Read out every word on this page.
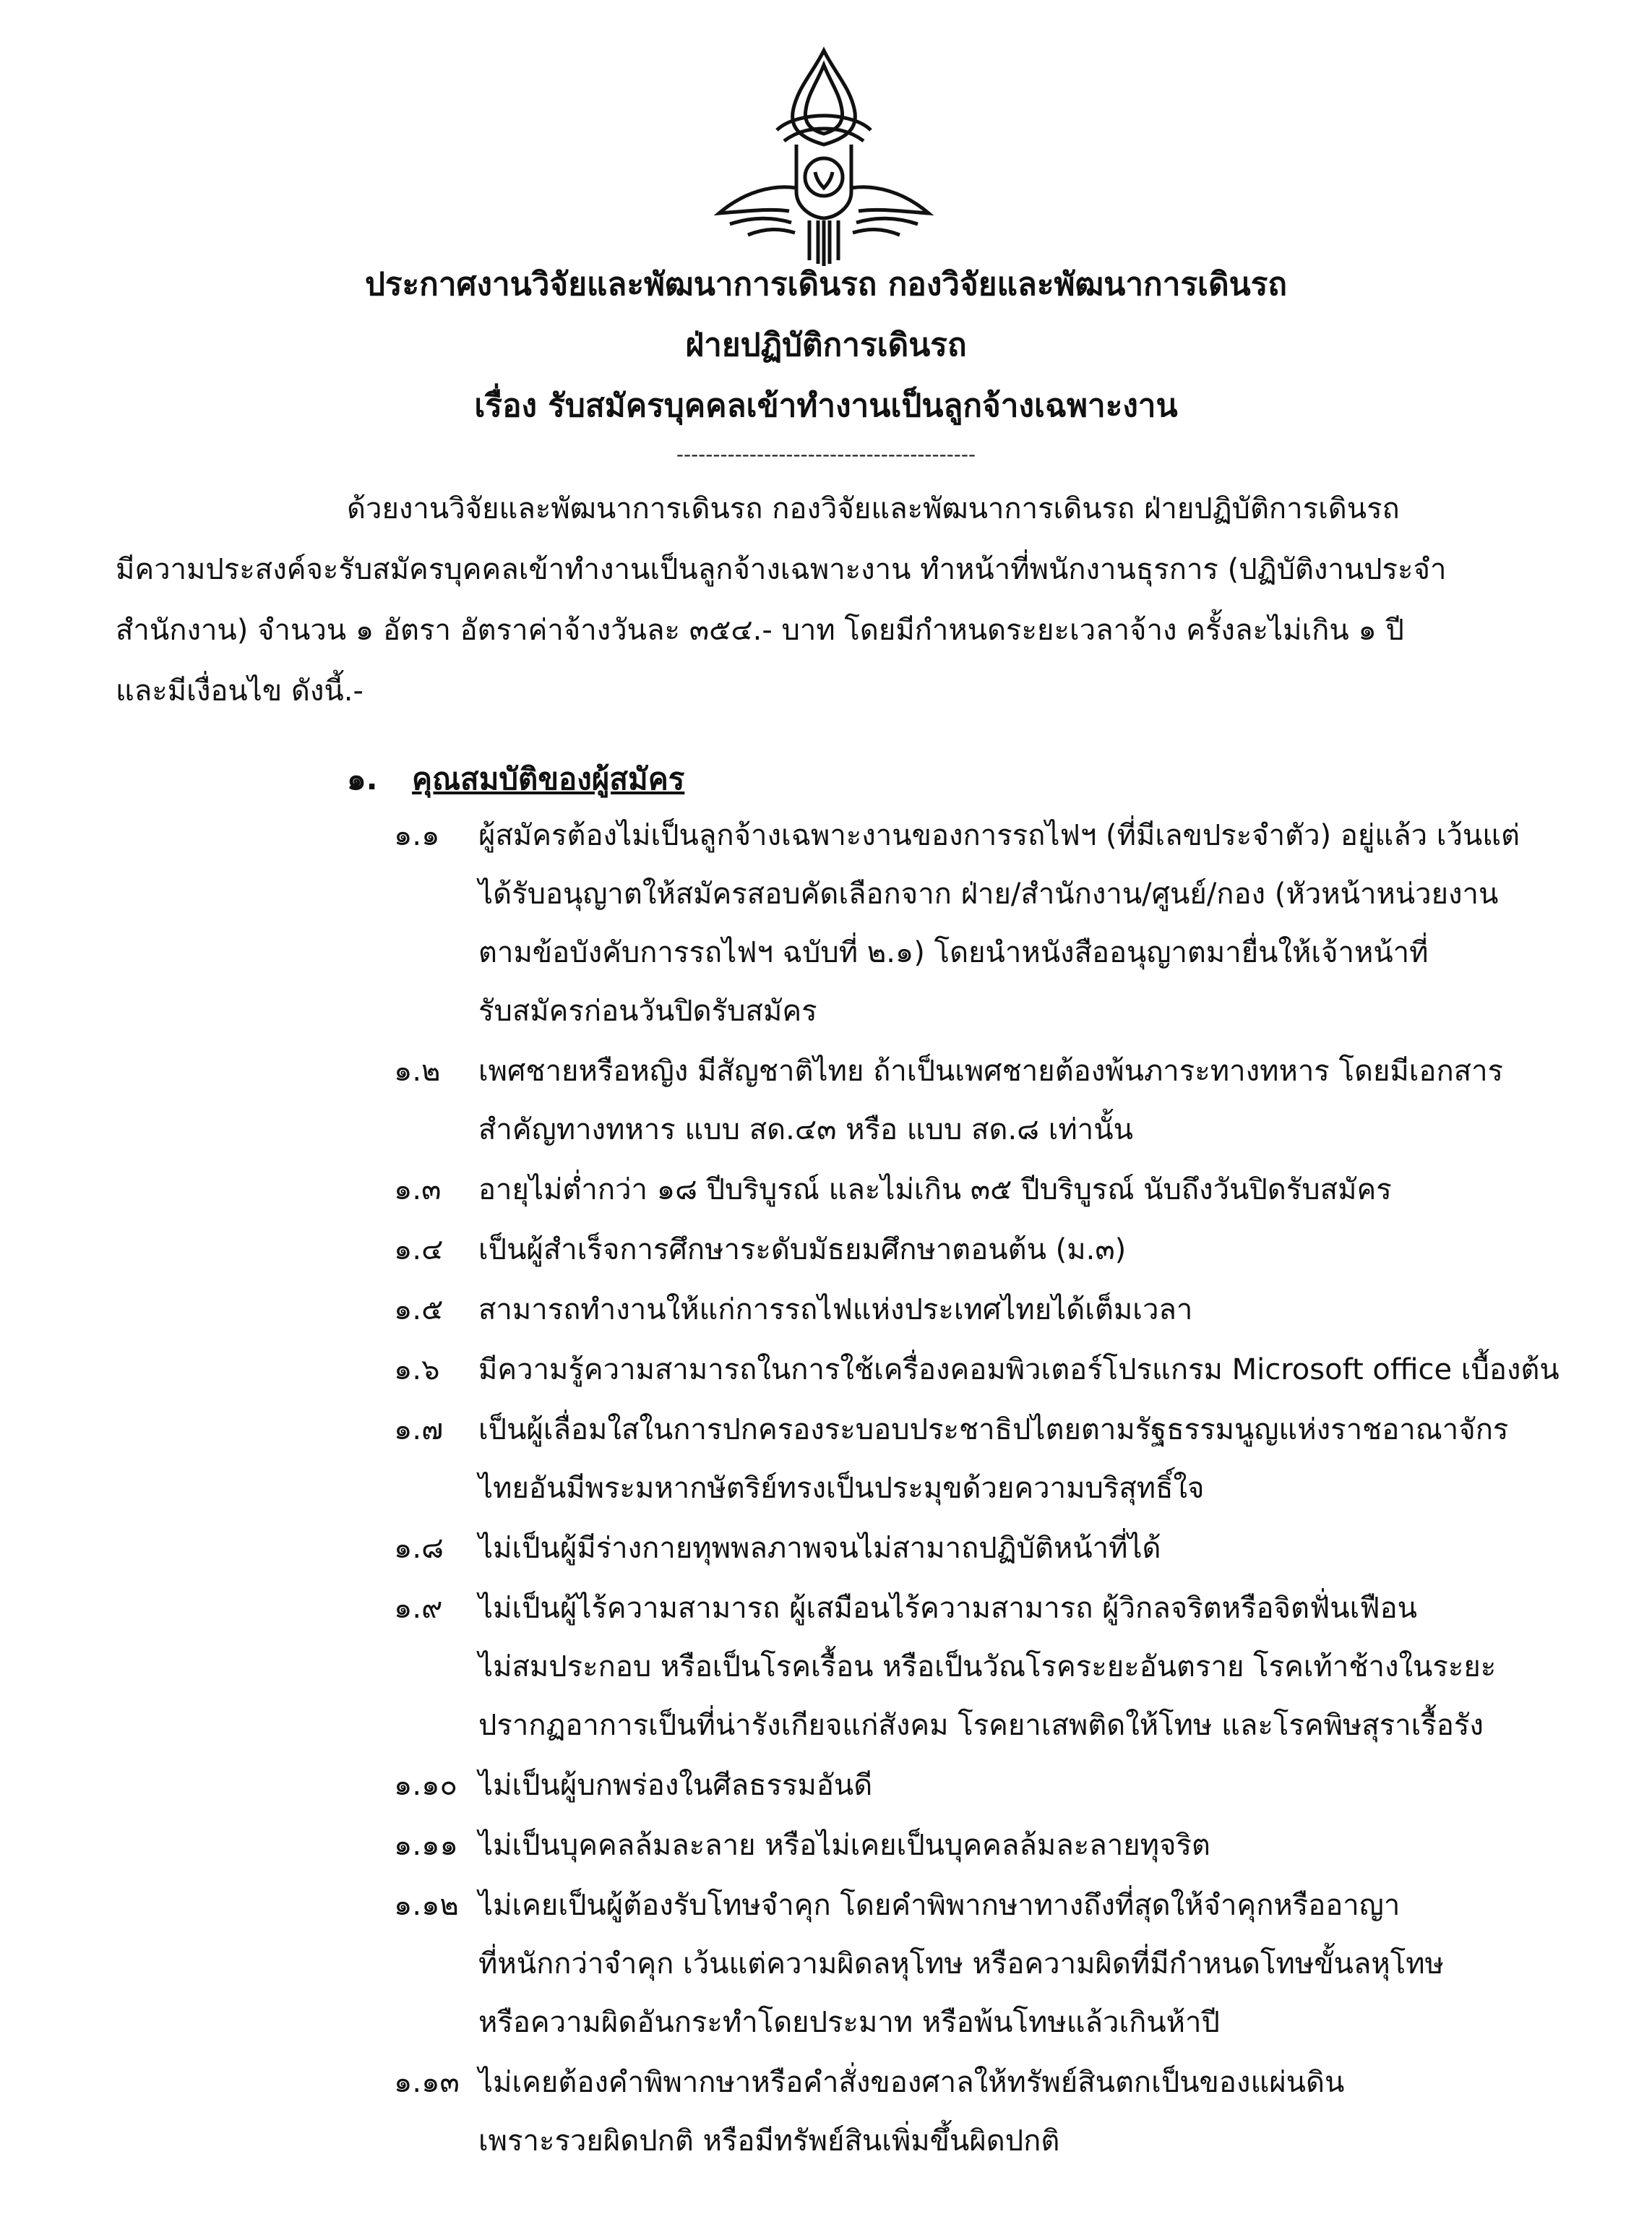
ประกาศงานวิจัยและพัฒนาการเดินรถ กองวิจัยและพัฒนาการเดินรถ
ฝ่ายปฏิบัติการเดินรถ
เรื่อง รับสมัครบุคคลเข้าทำงานเป็นลูกจ้างเฉพาะงาน
-----------------------------------------
ด้วยงานวิจัยและพัฒนาการเดินรถ กองวิจัยและพัฒนาการเดินรถ ฝ่ายปฏิบัติการเดินรถ
มีความประสงค์จะรับสมัครบุคคลเข้าทำงานเป็นลูกจ้างเฉพาะงาน ทำหน้าที่พนักงานธุรการ (ปฏิบัติงานประจำ
สำนักงาน) จำนวน ๑ อัตรา อัตราค่าจ้างวันละ ๓๕๔.- บาท โดยมีกำหนดระยะเวลาจ้าง ครั้งละไม่เกิน ๑ ปี
และมีเงื่อนไข ดังนี้.-
๑. คุณสมบัติของผู้สมัคร
๑.๑	ผู้สมัครต้องไม่เป็นลูกจ้างเฉพาะงานของการรถไฟฯ (ที่มีเลขประจำตัว) อยู่แล้ว เว้นแต่
ได้รับอนุญาตให้สมัครสอบคัดเลือกจาก ฝ่าย/สำนักงาน/ศูนย์/กอง (หัวหน้าหน่วยงาน
ตามข้อบังคับการรถไฟฯ ฉบับที่ ๒.๑) โดยนำหนังสืออนุญาตมายื่นให้เจ้าหน้าที่
รับสมัครก่อนวันปิดรับสมัคร
๑.๒	เพศชายหรือหญิง มีสัญชาติไทย ถ้าเป็นเพศชายต้องพ้นภาระทางทหาร โดยมีเอกสาร
สำคัญทางทหาร แบบ สด.๔๓ หรือ แบบ สด.๘ เท่านั้น
๑.๓	อายุไม่ต่ำกว่า ๑๘ ปีบริบูรณ์ และไม่เกิน ๓๕ ปีบริบูรณ์ นับถึงวันปิดรับสมัคร
๑.๔	เป็นผู้สำเร็จการศึกษาระดับมัธยมศึกษาตอนต้น (ม.๓)
๑.๕	สามารถทำงานให้แก่การรถไฟแห่งประเทศไทยได้เต็มเวลา
๑.๖	มีความรู้ความสามารถในการใช้เครื่องคอมพิวเตอร์โปรแกรม Microsoft office เบื้องต้น
๑.๗	เป็นผู้เลื่อมใสในการปกครองระบอบประชาธิปไตยตามรัฐธรรมนูญแห่งราชอาณาจักร
ไทยอันมีพระมหากษัตริย์ทรงเป็นประมุขด้วยความบริสุทธิ์ใจ
๑.๘	ไม่เป็นผู้มีร่างกายทุพพลภาพจนไม่สามาถปฏิบัติหน้าที่ได้
๑.๙	ไม่เป็นผู้ไร้ความสามารถ ผู้เสมือนไร้ความสามารถ ผู้วิกลจริตหรือจิตฟั่นเฟือน
ไม่สมประกอบ หรือเป็นโรคเรื้อน หรือเป็นวัณโรคระยะอันตราย โรคเท้าช้างในระยะ
ปรากฏอาการเป็นที่น่ารังเกียจแก่สังคม โรคยาเสพติดให้โทษ และโรคพิษสุราเรื้อรัง
๑.๑๐ ไม่เป็นผู้บกพร่องในศีลธรรมอันดี
๑.๑๑ ไม่เป็นบุคคลล้มละลาย หรือไม่เคยเป็นบุคคลล้มละลายทุจริต
๑.๑๒ ไม่เคยเป็นผู้ต้องรับโทษจำคุก โดยคำพิพากษาทางถึงที่สุดให้จำคุกหรืออาญา
ที่หนักกว่าจำคุก เว้นแต่ความผิดลหุโทษ หรือความผิดที่มีกำหนดโทษขั้นลหุโทษ
หรือความผิดอันกระทำโดยประมาท หรือพ้นโทษแล้วเกินห้าปี
๑.๑๓ ไม่เคยต้องคำพิพากษาหรือคำสั่งของศาลให้ทรัพย์สินตกเป็นของแผ่นดิน
เพราะรวยผิดปกติ หรือมีทรัพย์สินเพิ่มขึ้นผิดปกติ
